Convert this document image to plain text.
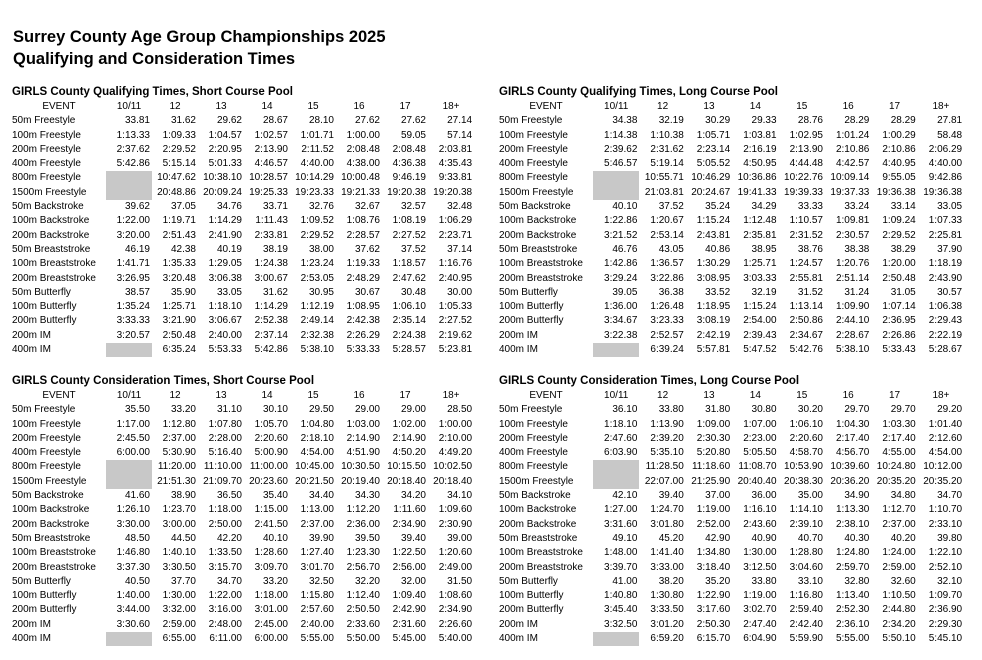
Surrey County Age Group Championships 2025
Qualifying and Consideration Times
GIRLS County Qualifying Times, Short Course Pool								
EVENT	10/11	12	13	14	15	16	17	18+
50m Freestyle	33.81	31.62	29.62	28.67	28.10	27.62	27.62	27.14
100m Freestyle	1:13.33	1:09.33	1:04.57	1:02.57	1:01.71	1:00.00	59.05	57.14
200m Freestyle	2:37.62	2:29.52	2:20.95	2:13.90	2:11.52	2:08.48	2:08.48	2:03.81
400m Freestyle	5:42.86	5:15.14	5:01.33	4:46.57	4:40.00	4:38.00	4:36.38	4:35.43
800m Freestyle		10:47.62	10:38.10	10:28.57	10:14.29	10:00.48	9:46.19	9:33.81
1500m Freestyle		20:48.86	20:09.24	19:25.33	19:23.33	19:21.33	19:20.38	19:20.38
50m Backstroke	39.62	37.05	34.76	33.71	32.76	32.67	32.57	32.48
100m Backstroke	1:22.00	1:19.71	1:14.29	1:11.43	1:09.52	1:08.76	1:08.19	1:06.29
200m Backstroke	3:20.00	2:51.43	2:41.90	2:33.81	2:29.52	2:28.57	2:27.52	2:23.71
50m Breaststroke	46.19	42.38	40.19	38.19	38.00	37.62	37.52	37.14
100m Breaststroke	1:41.71	1:35.33	1:29.05	1:24.38	1:23.24	1:19.33	1:18.57	1:16.76
200m Breaststroke	3:26.95	3:20.48	3:06.38	3:00.67	2:53.05	2:48.29	2:47.62	2:40.95
50m Butterfly	38.57	35.90	33.05	31.62	30.95	30.67	30.48	30.00
100m Butterfly	1:35.24	1:25.71	1:18.10	1:14.29	1:12.19	1:08.95	1:06.10	1:05.33
200m Butterfly	3:33.33	3:21.90	3:06.67	2:52.38	2:49.14	2:42.38	2:35.14	2:27.52
200m IM	3:20.57	2:50.48	2:40.00	2:37.14	2:32.38	2:26.29	2:24.38	2:19.62
400m IM		6:35.24	5:53.33	5:42.86	5:38.10	5:33.33	5:28.57	5:23.81
GIRLS County Qualifying Times, Long Course Pool								
EVENT	10/11	12	13	14	15	16	17	18+
50m Freestyle	34.38	32.19	30.29	29.33	28.76	28.29	28.29	27.81
100m Freestyle	1:14.38	1:10.38	1:05.71	1:03.81	1:02.95	1:01.24	1:00.29	58.48
200m Freestyle	2:39.62	2:31.62	2:23.14	2:16.19	2:13.90	2:10.86	2:10.86	2:06.29
400m Freestyle	5:46.57	5:19.14	5:05.52	4:50.95	4:44.48	4:42.57	4:40.95	4:40.00
800m Freestyle		10:55.71	10:46.29	10:36.86	10:22.76	10:09.14	9:55.05	9:42.86
1500m Freestyle		21:03.81	20:24.67	19:41.33	19:39.33	19:37.33	19:36.38	19:36.38
50m Backstroke	40.10	37.52	35.24	34.29	33.33	33.24	33.14	33.05
100m Backstroke	1:22.86	1:20.67	1:15.24	1:12.48	1:10.57	1:09.81	1:09.24	1:07.33
200m Backstroke	3:21.52	2:53.14	2:43.81	2:35.81	2:31.52	2:30.57	2:29.52	2:25.81
50m Breaststroke	46.76	43.05	40.86	38.95	38.76	38.38	38.29	37.90
100m Breaststroke	1:42.86	1:36.57	1:30.29	1:25.71	1:24.57	1:20.76	1:20.00	1:18.19
200m Breaststroke	3:29.24	3:22.86	3:08.95	3:03.33	2:55.81	2:51.14	2:50.48	2:43.90
50m Butterfly	39.05	36.38	33.52	32.19	31.52	31.24	31.05	30.57
100m Butterfly	1:36.00	1:26.48	1:18.95	1:15.24	1:13.14	1:09.90	1:07.14	1:06.38
200m Butterfly	3:34.67	3:23.33	3:08.19	2:54.00	2:50.86	2:44.10	2:36.95	2:29.43
200m IM	3:22.38	2:52.57	2:42.19	2:39.43	2:34.67	2:28.67	2:26.86	2:22.19
400m IM		6:39.24	5:57.81	5:47.52	5:42.76	5:38.10	5:33.43	5:28.67
GIRLS County Consideration Times, Short Course Pool								
EVENT	10/11	12	13	14	15	16	17	18+
50m Freestyle	35.50	33.20	31.10	30.10	29.50	29.00	29.00	28.50
100m Freestyle	1:17.00	1:12.80	1:07.80	1:05.70	1:04.80	1:03.00	1:02.00	1:00.00
200m Freestyle	2:45.50	2:37.00	2:28.00	2:20.60	2:18.10	2:14.90	2:14.90	2:10.00
400m Freestyle	6:00.00	5:30.90	5:16.40	5:00.90	4:54.00	4:51.90	4:50.20	4:49.20
800m Freestyle		11:20.00	11:10.00	11:00.00	10:45.00	10:30.50	10:15.50	10:02.50
1500m Freestyle		21:51.30	21:09.70	20:23.60	20:21.50	20:19.40	20:18.40	20:18.40
50m Backstroke	41.60	38.90	36.50	35.40	34.40	34.30	34.20	34.10
100m Backstroke	1:26.10	1:23.70	1:18.00	1:15.00	1:13.00	1:12.20	1:11.60	1:09.60
200m Backstroke	3:30.00	3:00.00	2:50.00	2:41.50	2:37.00	2:36.00	2:34.90	2:30.90
50m Breaststroke	48.50	44.50	42.20	40.10	39.90	39.50	39.40	39.00
100m Breaststroke	1:46.80	1:40.10	1:33.50	1:28.60	1:27.40	1:23.30	1:22.50	1:20.60
200m Breaststroke	3:37.30	3:30.50	3:15.70	3:09.70	3:01.70	2:56.70	2:56.00	2:49.00
50m Butterfly	40.50	37.70	34.70	33.20	32.50	32.20	32.00	31.50
100m Butterfly	1:40.00	1:30.00	1:22.00	1:18.00	1:15.80	1:12.40	1:09.40	1:08.60
200m Butterfly	3:44.00	3:32.00	3:16.00	3:01.00	2:57.60	2:50.50	2:42.90	2:34.90
200m IM	3:30.60	2:59.00	2:48.00	2:45.00	2:40.00	2:33.60	2:31.60	2:26.60
400m IM		6:55.00	6:11.00	6:00.00	5:55.00	5:50.00	5:45.00	5:40.00
GIRLS County Consideration Times, Long Course Pool								
EVENT	10/11	12	13	14	15	16	17	18+
50m Freestyle	36.10	33.80	31.80	30.80	30.20	29.70	29.70	29.20
100m Freestyle	1:18.10	1:13.90	1:09.00	1:07.00	1:06.10	1:04.30	1:03.30	1:01.40
200m Freestyle	2:47.60	2:39.20	2:30.30	2:23.00	2:20.60	2:17.40	2:17.40	2:12.60
400m Freestyle	6:03.90	5:35.10	5:20.80	5:05.50	4:58.70	4:56.70	4:55.00	4:54.00
800m Freestyle		11:28.50	11:18.60	11:08.70	10:53.90	10:39.60	10:24.80	10:12.00
1500m Freestyle		22:07.00	21:25.90	20:40.40	20:38.30	20:36.20	20:35.20	20:35.20
50m Backstroke	42.10	39.40	37.00	36.00	35.00	34.90	34.80	34.70
100m Backstroke	1:27.00	1:24.70	1:19.00	1:16.10	1:14.10	1:13.30	1:12.70	1:10.70
200m Backstroke	3:31.60	3:01.80	2:52.00	2:43.60	2:39.10	2:38.10	2:37.00	2:33.10
50m Breaststroke	49.10	45.20	42.90	40.90	40.70	40.30	40.20	39.80
100m Breaststroke	1:48.00	1:41.40	1:34.80	1:30.00	1:28.80	1:24.80	1:24.00	1:22.10
200m Breaststroke	3:39.70	3:33.00	3:18.40	3:12.50	3:04.60	2:59.70	2:59.00	2:52.10
50m Butterfly	41.00	38.20	35.20	33.80	33.10	32.80	32.60	32.10
100m Butterfly	1:40.80	1:30.80	1:22.90	1:19.00	1:16.80	1:13.40	1:10.50	1:09.70
200m Butterfly	3:45.40	3:33.50	3:17.60	3:02.70	2:59.40	2:52.30	2:44.80	2:36.90
200m IM	3:32.50	3:01.20	2:50.30	2:47.40	2:42.40	2:36.10	2:34.20	2:29.30
400m IM		6:59.20	6:15.70	6:04.90	5:59.90	5:55.00	5:50.10	5:45.10
